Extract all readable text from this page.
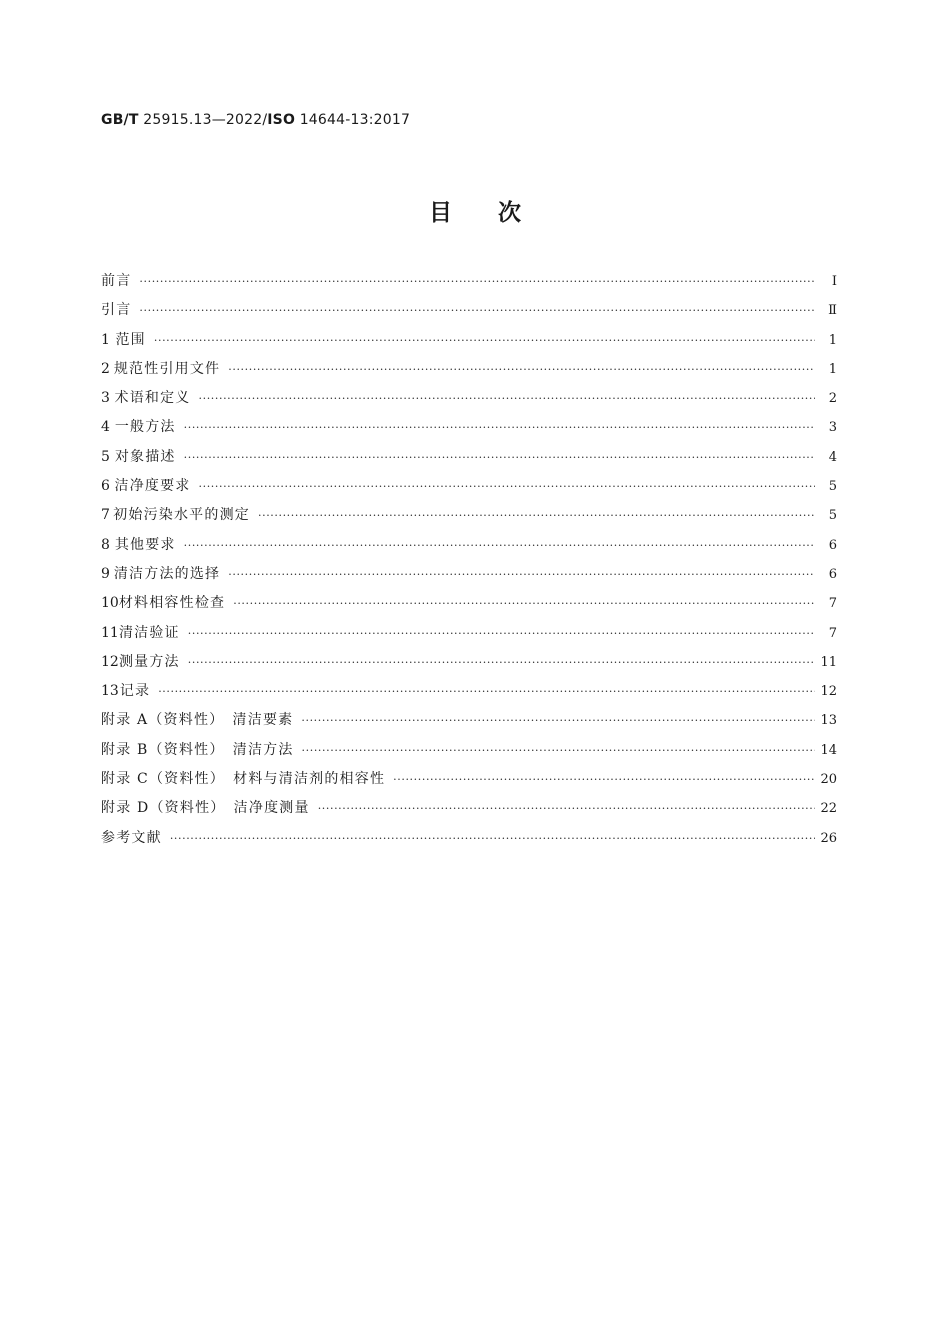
GB/T 25915.13—2022/ISO 14644-13:2017
目 次
前言 ·····	Ⅰ
引言 ·····	Ⅱ
1 范围 ·····	1
2 规范性引用文件 ·····	1
3 术语和定义 ·····	2
4 一般方法 ·····	3
5 对象描述 ·····	4
6 洁净度要求 ·····	5
7 初始污染水平的测定 ·····	5
8 其他要求 ·····	6
9 清洁方法的选择 ·····	6
10 材料相容性检查 ·····	7
11 清洁验证 ·····	7
12 测量方法 ·····	11
13 记录 ·····	12
附录 A（资料性）　清洁要素 ·····	13
附录 B（资料性）　清洁方法 ·····	14
附录 C（资料性）　材料与清洁剂的相容性 ·····	20
附录 D（资料性）　洁净度测量 ·····	22
参考文献 ·····	26
